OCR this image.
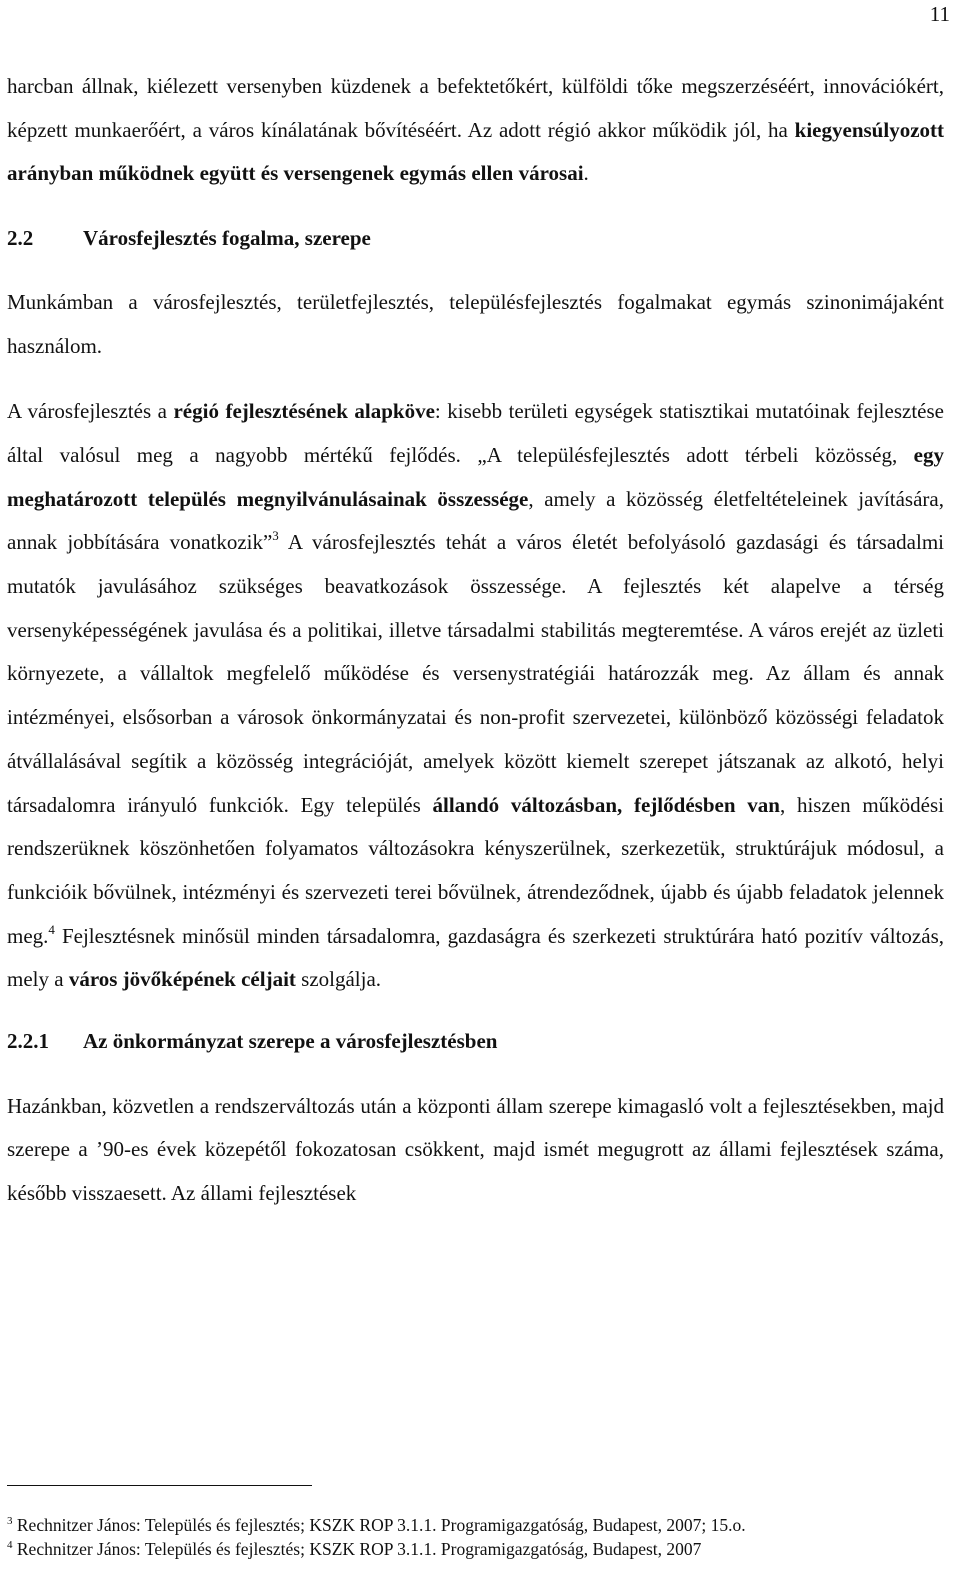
11

harcban állnak, kiélezett versenyben küzdenek a befektetőkért, külföldi tőke megszerzéséért, innovációkért, képzett munkaerőért, a város kínálatának bővítéséért. Az adott régió akkor működik jól, ha kiegyensúlyozott arányban működnek együtt és versengenek egymás ellen városai.

2.2 Városfejlesztés fogalma, szerepe

Munkámban a városfejlesztés, területfejlesztés, településfejlesztés fogalmakat egymás szinonimájaként használom.

A városfejlesztés a régió fejlesztésének alapköve: kisebb területi egységek statisztikai mutatóinak fejlesztése által valósul meg a nagyobb mértékű fejlődés. „A településfejlesztés adott térbeli közösség, egy meghatározott település megnyilvánulásainak összessége, amely a közösség életfeltételeinek javítására, annak jobbítására vonatkozik”$^3$ A városfejlesztés tehát a város életét befolyásoló gazdasági és társadalmi mutatók javulásához szükséges beavatkozások összessége. A fejlesztés két alapelve a térség versenyképességének javulása és a politikai, illetve társadalmi stabilitás megteremtése. A város erejét az üzleti környezete, a vállaltok megfelelő működése és versenystratégiái határozzák meg. Az állam és annak intézményei, elsősorban a városok önkormányzatai és non-profit szervezetei, különböző közösségi feladatok átvállalásával segítik a közösség integrációját, amelyek között kiemelt szerepet játszanak az alkotó, helyi társadalomra irányuló funkciók. Egy település állandó változásban, fejlődésben van, hiszen működési rendszerüknek köszönhetően folyamatos változásokra kényszerülnek, szerkezetük, struktúrájuk módosul, a funkcióik bővülnek, intézményi és szervezeti terei bővülnek, átrendeződnek, újabb és újabb feladatok jelennek meg.$^4$ Fejlesztésnek minősül minden társadalomra, gazdaságra és szerkezeti struktúrára ható pozitív változás, mely a város jövőképének céljait szolgálja.

2.2.1 Az önkormányzat szerepe a városfejlesztésben

Hazánkban, közvetlen a rendszerváltozás után a központi állam szerepe kimagasló volt a fejlesztésekben, majd szerepe a ’90-es évek közepétől fokozatosan csökkent, majd ismét megugrott az állami fejlesztések száma, később visszaesett. Az állami fejlesztések

$^3$ Rechnitzer János: Település és fejlesztés; KSZK ROP 3.1.1. Programigazgatóság, Budapest, 2007; 15.o.
$^4$ Rechnitzer János: Település és fejlesztés; KSZK ROP 3.1.1. Programigazgatóság, Budapest, 2007
